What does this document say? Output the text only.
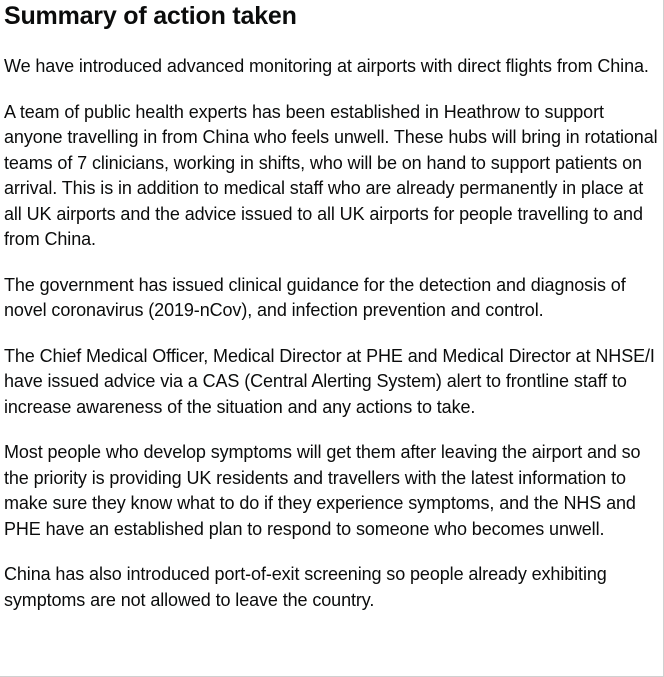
Summary of action taken

We have introduced advanced monitoring at airports with direct flights from China.

A team of public health experts has been established in Heathrow to support anyone travelling in from China who feels unwell. These hubs will bring in rotational teams of 7 clinicians, working in shifts, who will be on hand to support patients on arrival. This is in addition to medical staff who are already permanently in place at all UK airports and the advice issued to all UK airports for people travelling to and from China.

The government has issued clinical guidance for the detection and diagnosis of novel coronavirus (2019-nCov), and infection prevention and control.

The Chief Medical Officer, Medical Director at PHE and Medical Director at NHSE/I have issued advice via a CAS (Central Alerting System) alert to frontline staff to increase awareness of the situation and any actions to take.

Most people who develop symptoms will get them after leaving the airport and so the priority is providing UK residents and travellers with the latest information to make sure they know what to do if they experience symptoms, and the NHS and PHE have an established plan to respond to someone who becomes unwell.

China has also introduced port-of-exit screening so people already exhibiting symptoms are not allowed to leave the country.
